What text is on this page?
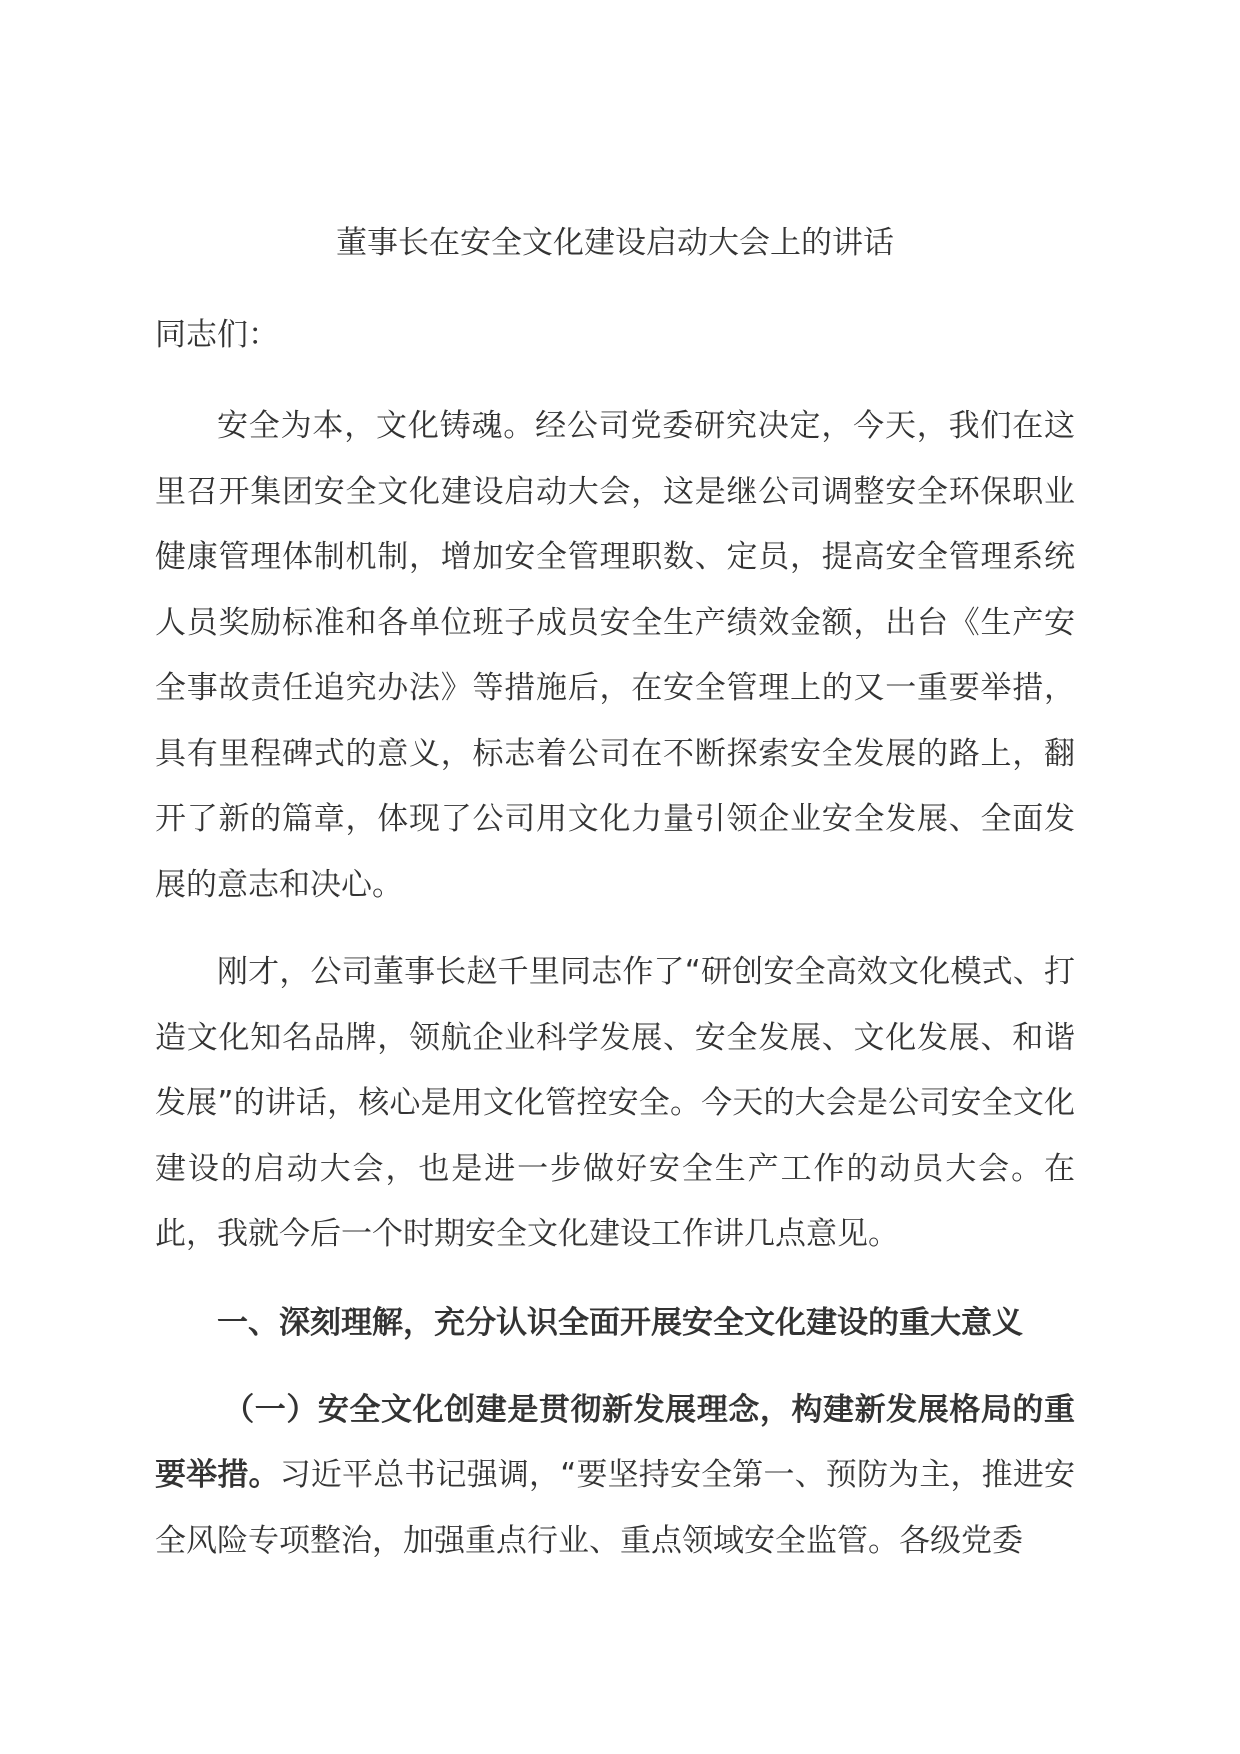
董事长在安全文化建设启动大会上的讲话

同志们：

安全为本，文化铸魂。经公司党委研究决定，今天，我们在这里召开集团安全文化建设启动大会，这是继公司调整安全环保职业健康管理体制机制，增加安全管理职数、定员，提高安全管理系统人员奖励标准和各单位班子成员安全生产绩效金额，出台《生产安全事故责任追究办法》等措施后，在安全管理上的又一重要举措，具有里程碑式的意义，标志着公司在不断探索安全发展的路上，翻开了新的篇章，体现了公司用文化力量引领企业安全发展、全面发展的意志和决心。

刚才，公司董事长赵千里同志作了“研创安全高效文化模式、打造文化知名品牌，领航企业科学发展、安全发展、文化发展、和谐发展”的讲话，核心是用文化管控安全。今天的大会是公司安全文化建设的启动大会，也是进一步做好安全生产工作的动员大会。在此，我就今后一个时期安全文化建设工作讲几点意见。

一、深刻理解，充分认识全面开展安全文化建设的重大意义

（一）安全文化创建是贯彻新发展理念，构建新发展格局的重要举措。习近平总书记强调，“要坚持安全第一、预防为主，推进安全风险专项整治，加强重点行业、重点领域安全监管。各级党委
